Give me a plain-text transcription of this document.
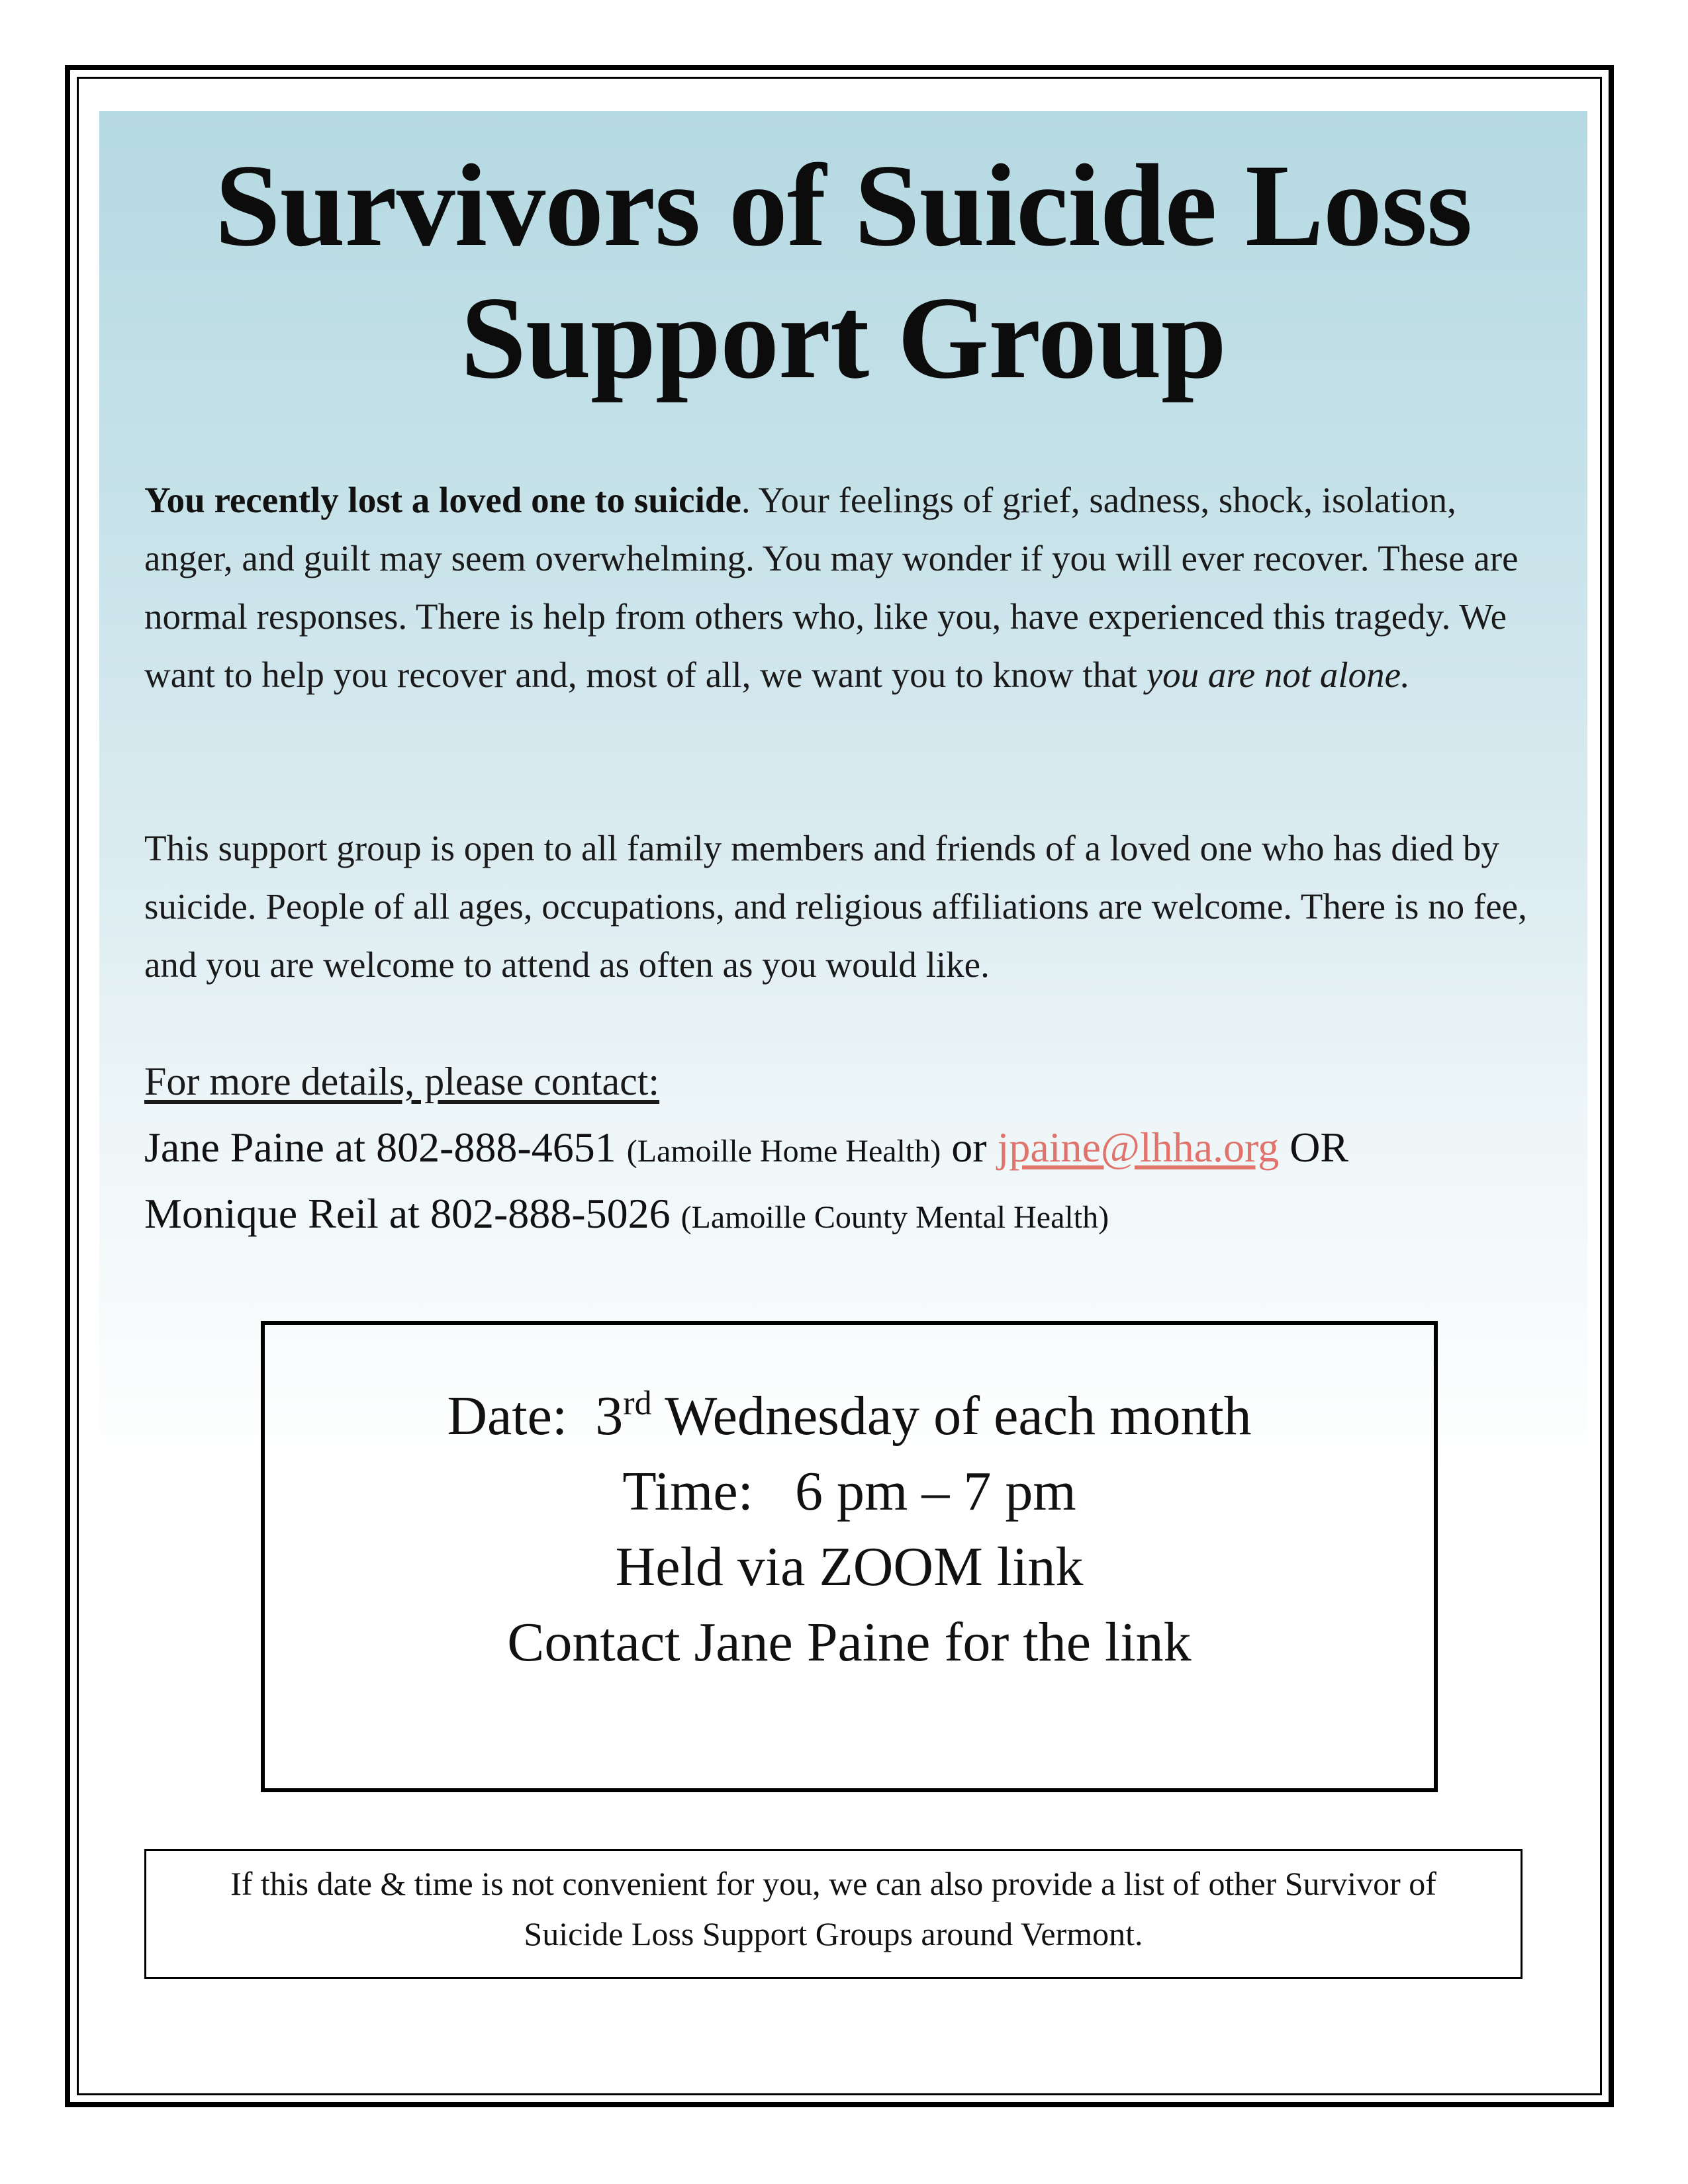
Survivors of Suicide Loss
Support Group

You recently lost a loved one to suicide. Your feelings of grief, sadness, shock, isolation, anger, and guilt may seem overwhelming. You may wonder if you will ever recover. These are normal responses. There is help from others who, like you, have experienced this tragedy. We want to help you recover and, most of all, we want you to know that you are not alone.

This support group is open to all family members and friends of a loved one who has died by suicide. People of all ages, occupations, and religious affiliations are welcome. There is no fee, and you are welcome to attend as often as you would like.

For more details, please contact:

Jane Paine at 802-888-4651 (Lamoille Home Health) or jpaine@lhha.org OR

Monique Reil at 802-888-5026 (Lamoille County Mental Health)

Date: 3rd Wednesday of each month

Time: 6 pm – 7 pm

Held via ZOOM link

Contact Jane Paine for the link

If this date & time is not convenient for you, we can also provide a list of other Survivor of

Suicide Loss Support Groups around Vermont.
